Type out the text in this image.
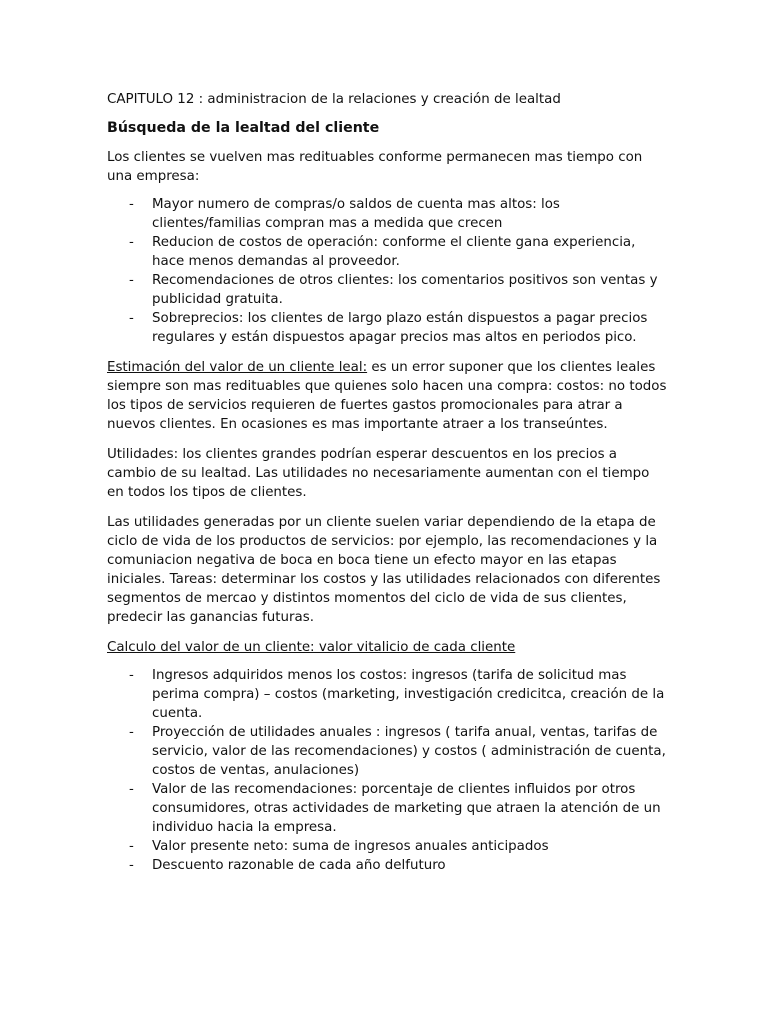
CAPITULO 12 : administracion de la relaciones y creación de lealtad

Búsqueda de la lealtad del cliente

Los clientes se vuelven mas redituables conforme permanecen mas tiempo con una empresa:

- Mayor numero de compras/o saldos de cuenta mas altos: los clientes/familias compran mas a medida que crecen
- Reducion de costos de operación: conforme el cliente gana experiencia, hace menos demandas al proveedor.
- Recomendaciones de otros clientes: los comentarios positivos son ventas y publicidad gratuita.
- Sobreprecios: los clientes de largo plazo están dispuestos a pagar precios regulares y están dispuestos apagar precios mas altos en periodos pico.

Estimación del valor de un cliente leal: es un error suponer que los clientes leales siempre son mas redituables que quienes solo hacen una compra: costos: no todos los tipos de servicios requieren de fuertes gastos promocionales para atrar a nuevos clientes. En ocasiones es mas importante atraer a los transeúntes.

Utilidades: los clientes grandes podrían esperar descuentos en los precios a cambio de su lealtad. Las utilidades no necesariamente aumentan con el tiempo en todos los tipos de clientes.

Las utilidades generadas por un cliente suelen variar dependiendo de la etapa de ciclo de vida de los productos de servicios: por ejemplo, las recomendaciones y la comuniacion negativa de boca en boca tiene un efecto mayor en las etapas iniciales. Tareas: determinar los costos y las utilidades relacionados con diferentes segmentos de mercao y distintos momentos del ciclo de vida de sus clientes, predecir las ganancias futuras.

Calculo del valor de un cliente: valor vitalicio de cada cliente

- Ingresos adquiridos menos los costos: ingresos (tarifa de solicitud mas perima compra) – costos (marketing, investigación credicitca, creación de la cuenta.
- Proyección de utilidades anuales : ingresos ( tarifa anual, ventas, tarifas de servicio, valor de las recomendaciones) y costos ( administración de cuenta, costos de ventas, anulaciones)
- Valor de las recomendaciones: porcentaje de clientes influidos por otros consumidores, otras actividades de marketing que atraen la atención de un individuo hacia la empresa.
- Valor presente neto: suma de ingresos anuales anticipados
- Descuento razonable de cada año delfuturo
